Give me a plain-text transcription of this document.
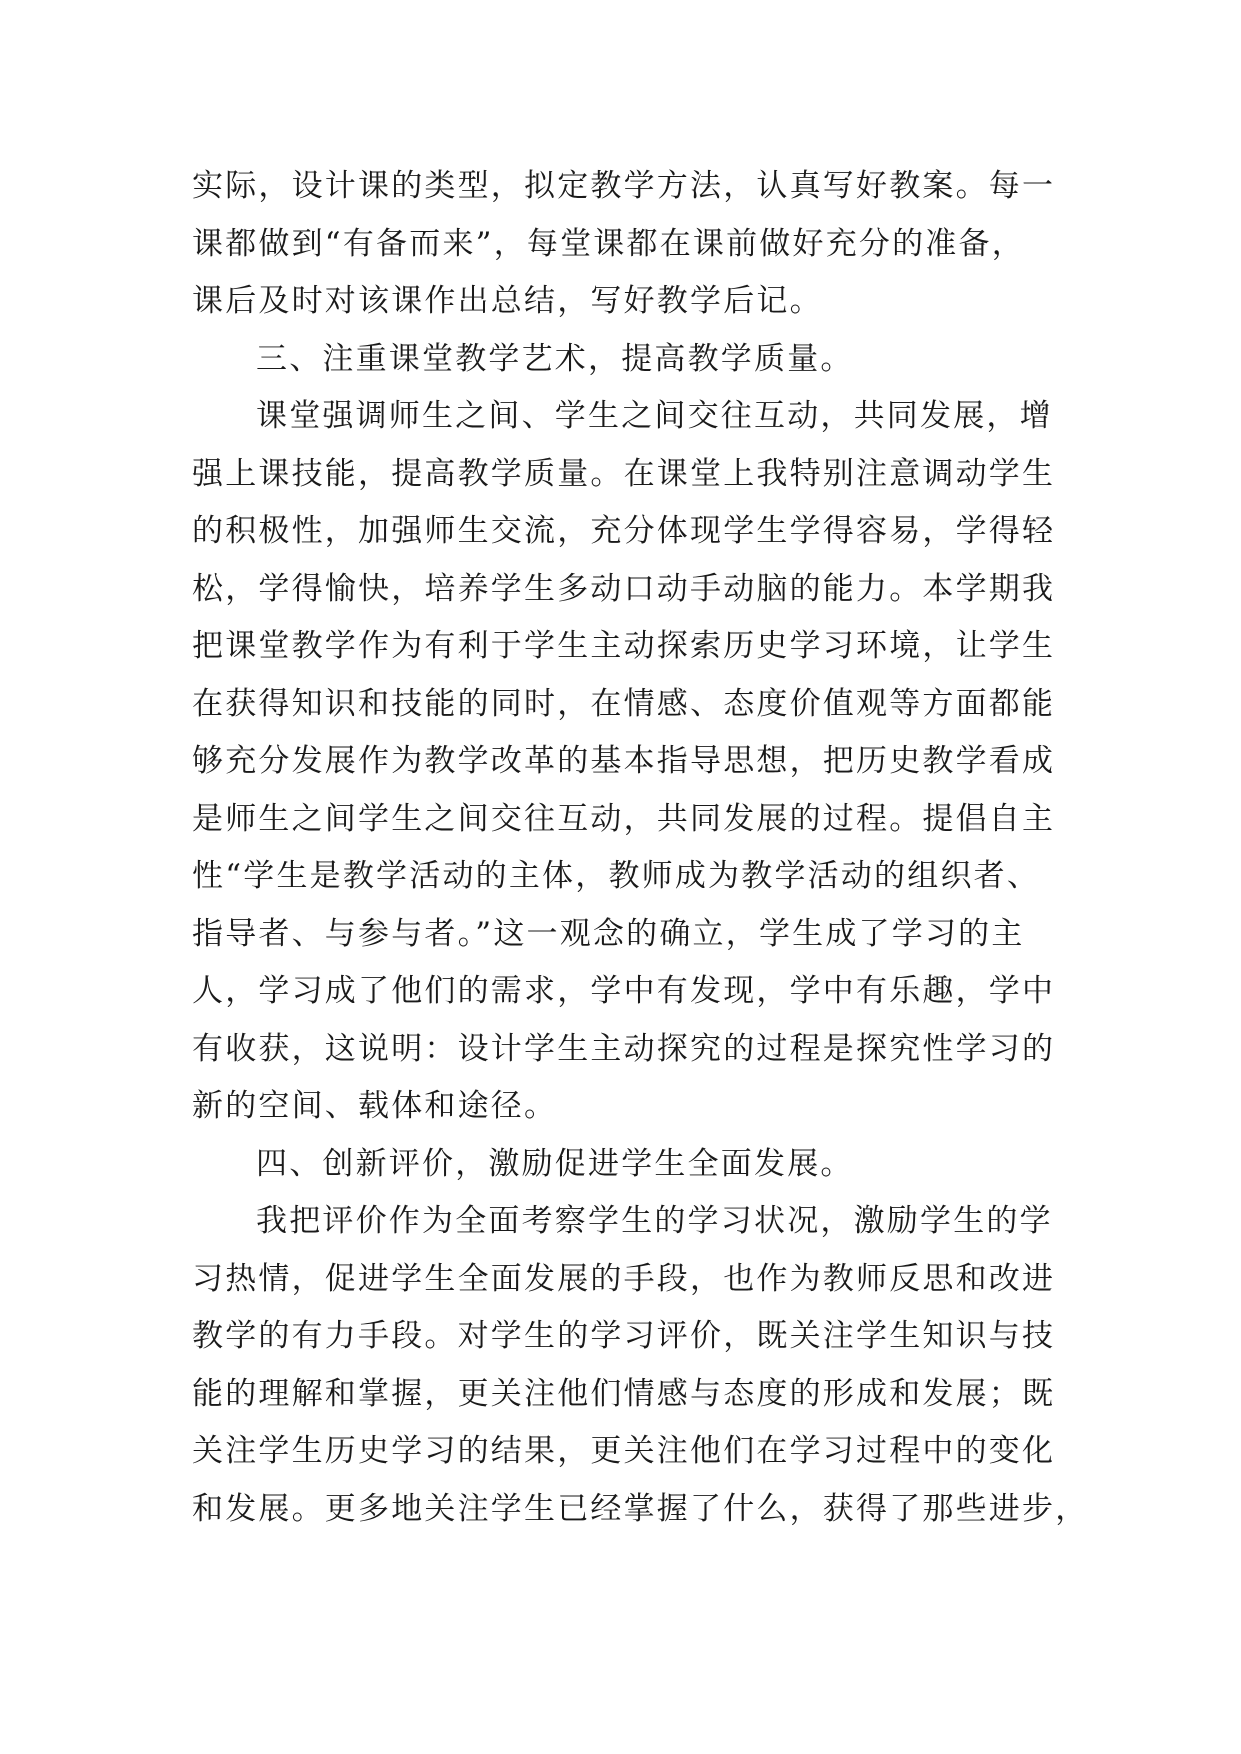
实际，设计课的类型，拟定教学方法，认真写好教案。每一
课都做到“有备而来”，每堂课都在课前做好充分的准备，
课后及时对该课作出总结，写好教学后记。
三、注重课堂教学艺术，提高教学质量。
课堂强调师生之间、学生之间交往互动，共同发展，增
强上课技能，提高教学质量。在课堂上我特别注意调动学生
的积极性，加强师生交流，充分体现学生学得容易，学得轻
松，学得愉快，培养学生多动口动手动脑的能力。本学期我
把课堂教学作为有利于学生主动探索历史学习环境，让学生
在获得知识和技能的同时，在情感、态度价值观等方面都能
够充分发展作为教学改革的基本指导思想，把历史教学看成
是师生之间学生之间交往互动，共同发展的过程。提倡自主
性“学生是教学活动的主体，教师成为教学活动的组织者、
指导者、与参与者。”这一观念的确立，学生成了学习的主
人，学习成了他们的需求，学中有发现，学中有乐趣，学中
有收获，这说明：设计学生主动探究的过程是探究性学习的
新的空间、载体和途径。
四、创新评价，激励促进学生全面发展。
我把评价作为全面考察学生的学习状况，激励学生的学
习热情，促进学生全面发展的手段，也作为教师反思和改进
教学的有力手段。对学生的学习评价，既关注学生知识与技
能的理解和掌握，更关注他们情感与态度的形成和发展；既
关注学生历史学习的结果，更关注他们在学习过程中的变化
和发展。更多地关注学生已经掌握了什么，获得了那些进步，
